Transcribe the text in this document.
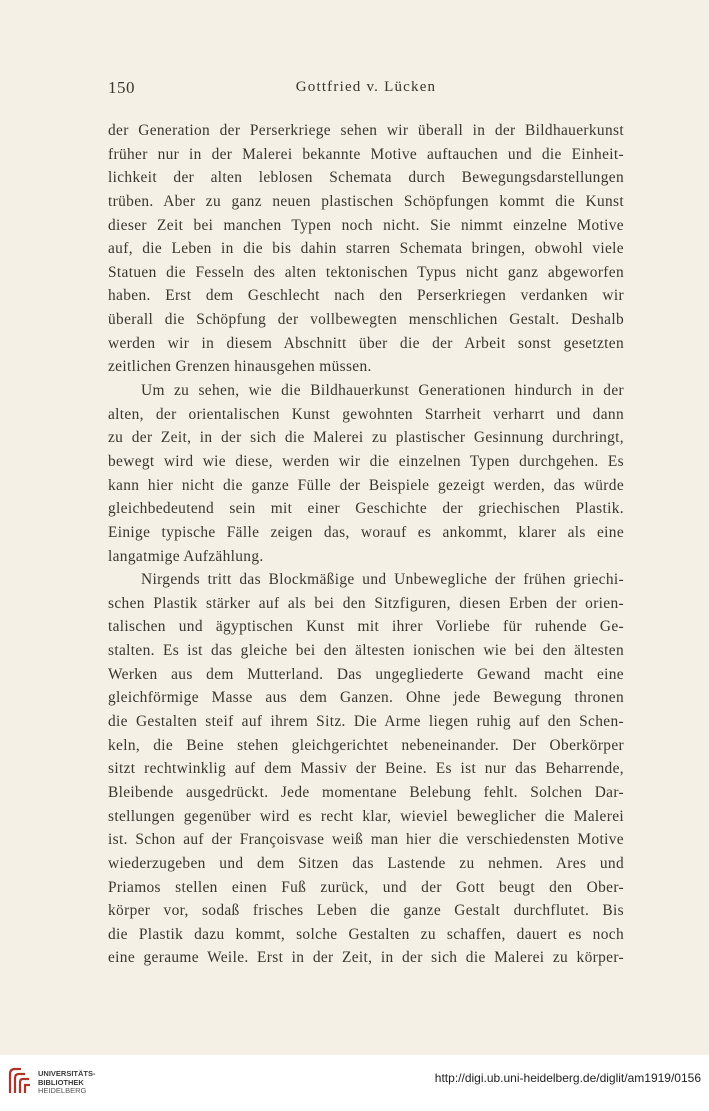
150	Gottfried v. Lücken
der Generation der Perserkriege sehen wir überall in der Bildhauerkunst
früher nur in der Malerei bekannte Motive auftauchen und die Einheit-
lichkeit der alten leblosen Schemata durch Bewegungsdarstellungen
trüben. Aber zu ganz neuen plastischen Schöpfungen kommt die Kunst
dieser Zeit bei manchen Typen noch nicht. Sie nimmt einzelne Motive
auf, die Leben in die bis dahin starren Schemata bringen, obwohl viele
Statuen die Fesseln des alten tektonischen Typus nicht ganz abgeworfen
haben. Erst dem Geschlecht nach den Perserkriegen verdanken wir
überall die Schöpfung der vollbewegten menschlichen Gestalt. Deshalb
werden wir in diesem Abschnitt über die der Arbeit sonst gesetzten
zeitlichen Grenzen hinausgehen müssen.
Um zu sehen, wie die Bildhauerkunst Generationen hindurch in der
alten, der orientalischen Kunst gewohnten Starrheit verharrt und dann
zu der Zeit, in der sich die Malerei zu plastischer Gesinnung durchringt,
bewegt wird wie diese, werden wir die einzelnen Typen durchgehen. Es
kann hier nicht die ganze Fülle der Beispiele gezeigt werden, das würde
gleichbedeutend sein mit einer Geschichte der griechischen Plastik.
Einige typische Fälle zeigen das, worauf es ankommt, klarer als eine
langatmige Aufzählung.
Nirgends tritt das Blockmäßige und Unbewegliche der frühen griechi-
schen Plastik stärker auf als bei den Sitzfiguren, diesen Erben der orien-
talischen und ägyptischen Kunst mit ihrer Vorliebe für ruhende Ge-
stalten. Es ist das gleiche bei den ältesten ionischen wie bei den ältesten
Werken aus dem Mutterland. Das ungegliederte Gewand macht eine
gleichförmige Masse aus dem Ganzen. Ohne jede Bewegung thronen
die Gestalten steif auf ihrem Sitz. Die Arme liegen ruhig auf den Schen-
keln, die Beine stehen gleichgerichtet nebeneinander. Der Oberkörper
sitzt rechtwinklig auf dem Massiv der Beine. Es ist nur das Beharrende,
Bleibende ausgedrückt. Jede momentane Belebung fehlt. Solchen Dar-
stellungen gegenüber wird es recht klar, wieviel beweglicher die Malerei
ist. Schon auf der Françoisvase weiß man hier die verschiedensten Motive
wiederzugeben und dem Sitzen das Lastende zu nehmen. Ares und
Priamos stellen einen Fuß zurück, und der Gott beugt den Ober-
körper vor, sodaß frisches Leben die ganze Gestalt durchflutet. Bis
die Plastik dazu kommt, solche Gestalten zu schaffen, dauert es noch
eine geraume Weile. Erst in der Zeit, in der sich die Malerei zu körper-
UNIVERSITÄTS-
BIBLIOTHEK
HEIDELBERG
http://digi.ub.uni-heidelberg.de/diglit/am1919/0156
